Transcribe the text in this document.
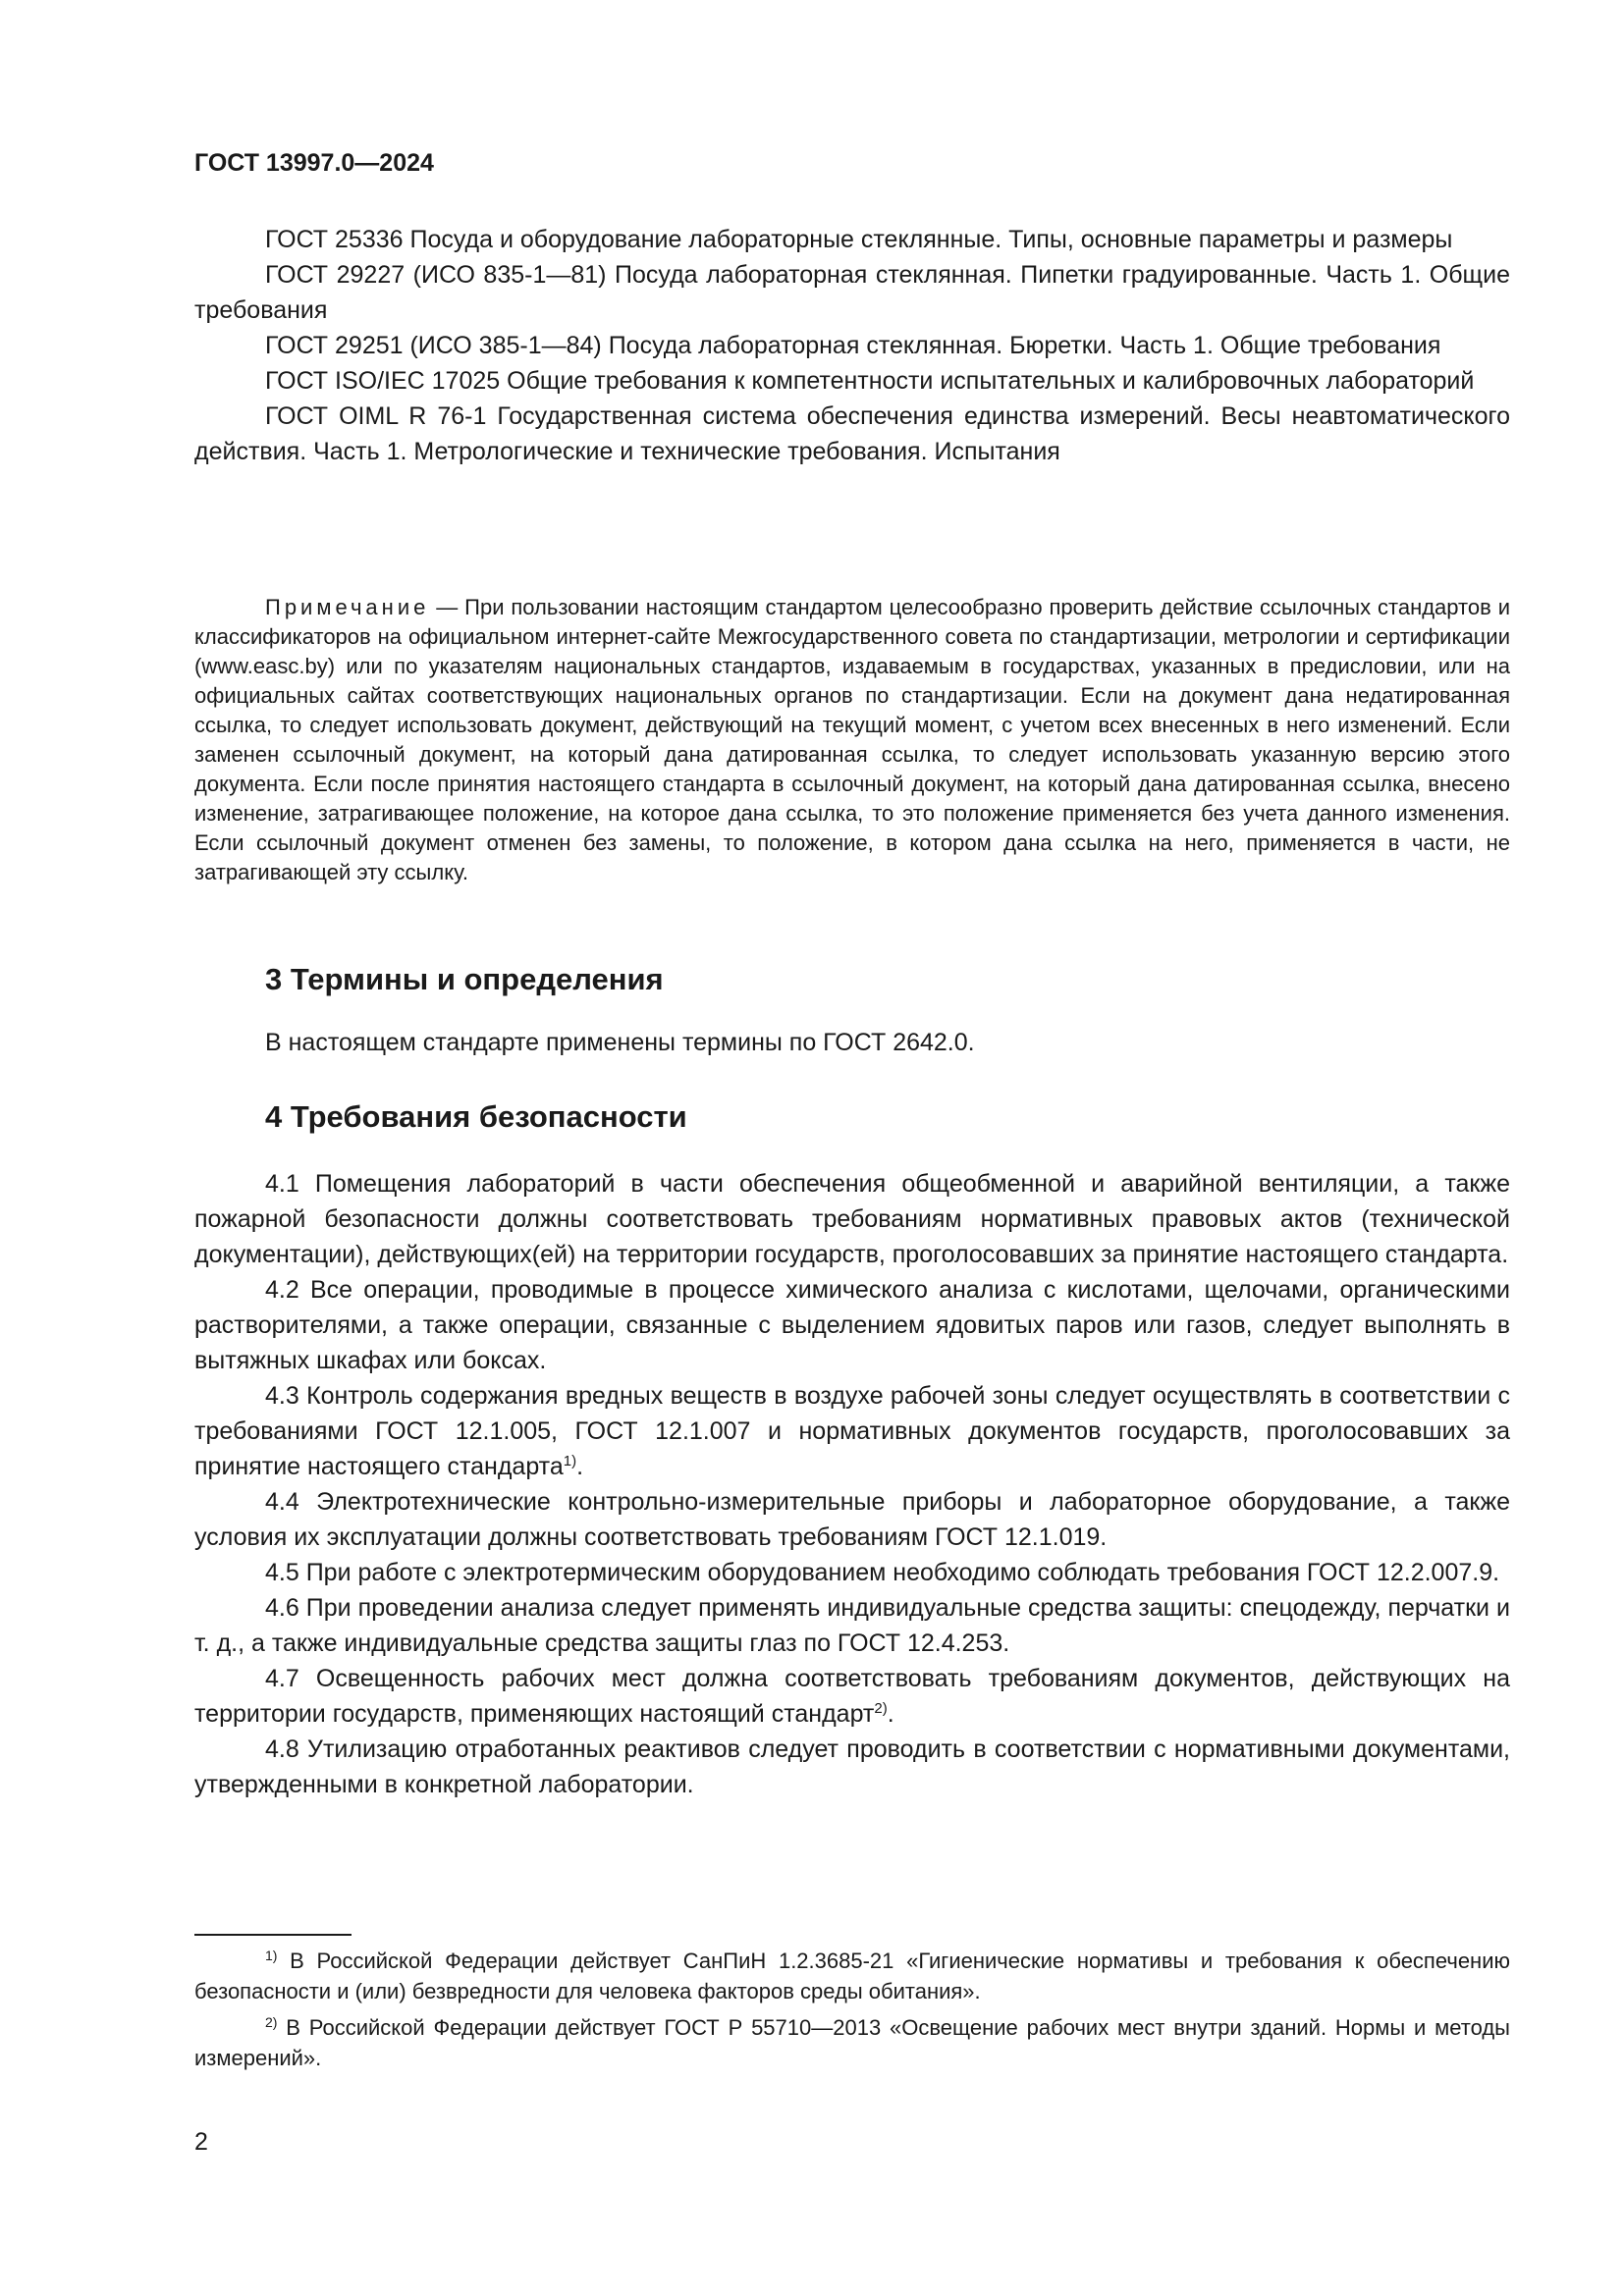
ГОСТ 13997.0—2024

ГОСТ 25336 Посуда и оборудование лабораторные стеклянные. Типы, основные параметры и размеры

ГОСТ 29227 (ИСО 835-1—81) Посуда лабораторная стеклянная. Пипетки градуированные. Часть 1. Общие требования

ГОСТ 29251 (ИСО 385-1—84) Посуда лабораторная стеклянная. Бюретки. Часть 1. Общие требования

ГОСТ ISO/IEC 17025 Общие требования к компетентности испытательных и калибровочных лабораторий

ГОСТ OIML R 76-1 Государственная система обеспечения единства измерений. Весы неавтоматического действия. Часть 1. Метрологические и технические требования. Испытания

Примечание — При пользовании настоящим стандартом целесообразно проверить действие ссылочных стандартов и классификаторов на официальном интернет-сайте Межгосударственного совета по стандартизации, метрологии и сертификации (www.easc.by) или по указателям национальных стандартов, издаваемым в государствах, указанных в предисловии, или на официальных сайтах соответствующих национальных органов по стандартизации. Если на документ дана недатированная ссылка, то следует использовать документ, действующий на текущий момент, с учетом всех внесенных в него изменений. Если заменен ссылочный документ, на который дана датированная ссылка, то следует использовать указанную версию этого документа. Если после принятия настоящего стандарта в ссылочный документ, на который дана датированная ссылка, внесено изменение, затрагивающее положение, на которое дана ссылка, то это положение применяется без учета данного изменения. Если ссылочный документ отменен без замены, то положение, в котором дана ссылка на него, применяется в части, не затрагивающей эту ссылку.

3 Термины и определения

В настоящем стандарте применены термины по ГОСТ 2642.0.

4 Требования безопасности

4.1 Помещения лабораторий в части обеспечения общеобменной и аварийной вентиляции, а также пожарной безопасности должны соответствовать требованиям нормативных правовых актов (технической документации), действующих(ей) на территории государств, проголосовавших за принятие настоящего стандарта.

4.2 Все операции, проводимые в процессе химического анализа с кислотами, щелочами, органическими растворителями, а также операции, связанные с выделением ядовитых паров или газов, следует выполнять в вытяжных шкафах или боксах.

4.3 Контроль содержания вредных веществ в воздухе рабочей зоны следует осуществлять в соответствии с требованиями ГОСТ 12.1.005, ГОСТ 12.1.007 и нормативных документов государств, проголосовавших за принятие настоящего стандарта$^{1)}$.

4.4 Электротехнические контрольно-измерительные приборы и лабораторное оборудование, а также условия их эксплуатации должны соответствовать требованиям ГОСТ 12.1.019.

4.5 При работе с электротермическим оборудованием необходимо соблюдать требования ГОСТ 12.2.007.9.

4.6 При проведении анализа следует применять индивидуальные средства защиты: спецодежду, перчатки и т. д., а также индивидуальные средства защиты глаз по ГОСТ 12.4.253.

4.7 Освещенность рабочих мест должна соответствовать требованиям документов, действующих на территории государств, применяющих настоящий стандарт$^{2)}$.

4.8 Утилизацию отработанных реактивов следует проводить в соответствии с нормативными документами, утвержденными в конкретной лаборатории.

$^{1)}$ В Российской Федерации действует СанПиН 1.2.3685-21 «Гигиенические нормативы и требования к обеспечению безопасности и (или) безвредности для человека факторов среды обитания».

$^{2)}$ В Российской Федерации действует ГОСТ Р 55710—2013 «Освещение рабочих мест внутри зданий. Нормы и методы измерений».

2
